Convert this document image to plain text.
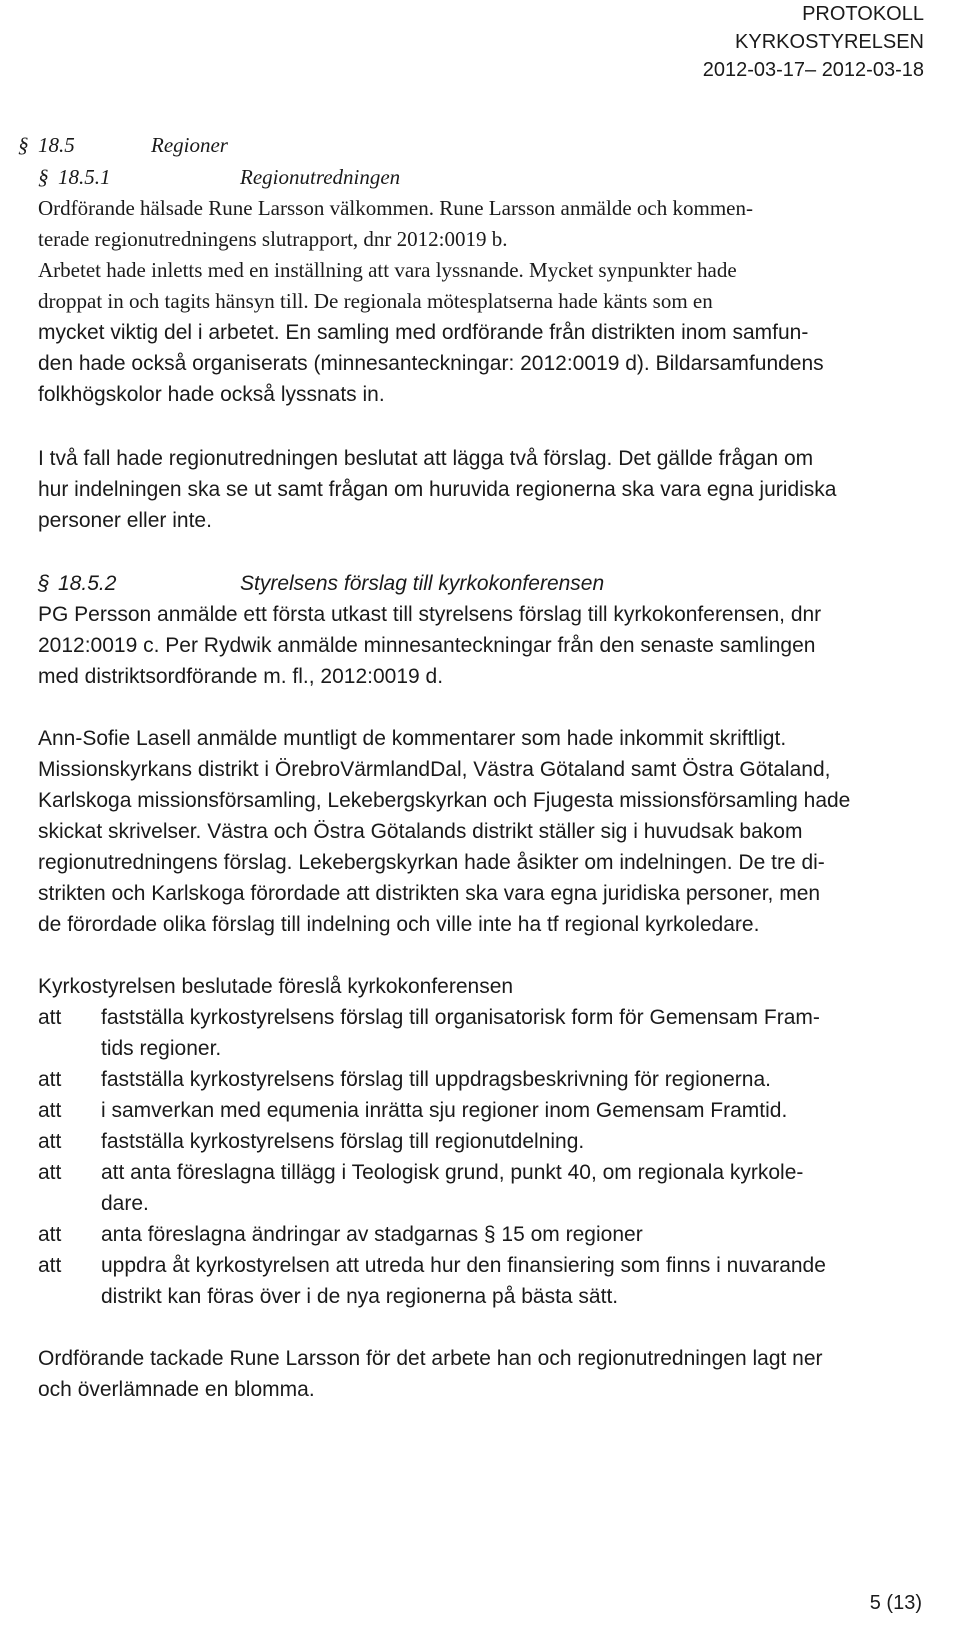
PROTOKOLL
KYRKOSTYRELSEN
2012-03-17– 2012-03-18
§ 18.5	Regioner
§ 18.5.1	Regionutredningen
Ordförande hälsade Rune Larsson välkommen. Rune Larsson anmälde och kommen-
terade regionutredningens slutrapport, dnr 2012:0019 b.
Arbetet hade inletts med en inställning att vara lyssnande. Mycket synpunkter hade
droppat in och tagits hänsyn till. De regionala mötesplatserna hade känts som en
mycket viktig del i arbetet. En samling med ordförande från distrikten inom samfun-
den hade också organiserats (minnesanteckningar: 2012:0019 d). Bildarsamfundens
folkhögskolor hade också lyssnats in.
I två fall hade regionutredningen beslutat att lägga två förslag. Det gällde frågan om
hur indelningen ska se ut samt frågan om huruvida regionerna ska vara egna juridiska
personer eller inte.
§ 18.5.2	Styrelsens förslag till kyrkokonferensen
PG Persson anmälde ett första utkast till styrelsens förslag till kyrkokonferensen, dnr
2012:0019 c. Per Rydwik anmälde minnesanteckningar från den senaste samlingen
med distriktsordförande m. fl., 2012:0019 d.
Ann-Sofie Lasell anmälde muntligt de kommentarer som hade inkommit skriftligt.
Missionskyrkans distrikt i ÖrebroVärmlandDal, Västra Götaland samt Östra Götaland,
Karlskoga missionsförsamling, Lekebergskyrkan och Fjugesta missionsförsamling hade
skickat skrivelser. Västra och Östra Götalands distrikt ställer sig i huvudsak bakom
regionutredningens förslag. Lekebergskyrkan hade åsikter om indelningen. De tre di-
strikten och Karlskoga förordade att distrikten ska vara egna juridiska personer, men
de förordade olika förslag till indelning och ville inte ha tf regional kyrkoledare.
Kyrkostyrelsen beslutade föreslå kyrkokonferensen
att fastställa kyrkostyrelsens förslag till organisatorisk form för Gemensam Fram-
tids regioner.
att fastställa kyrkostyrelsens förslag till uppdragsbeskrivning för regionerna.
att i samverkan med equmenia inrätta sju regioner inom Gemensam Framtid.
att fastställa kyrkostyrelsens förslag till regionutdelning.
att att anta föreslagna tillägg i Teologisk grund, punkt 40, om regionala kyrkole-
dare.
att anta föreslagna ändringar av stadgarnas § 15 om regioner
att uppdra åt kyrkostyrelsen att utreda hur den finansiering som finns i nuvarande
distrikt kan föras över i de nya regionerna på bästa sätt.
Ordförande tackade Rune Larsson för det arbete han och regionutredningen lagt ner
och överlämnade en blomma.
5 (13)
